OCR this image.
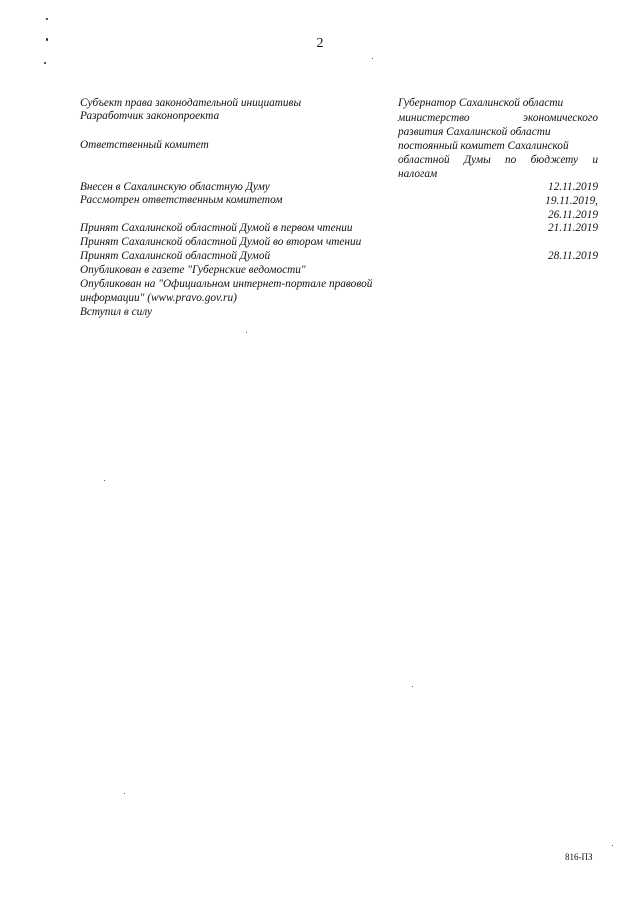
2
Субъект права законодательной инициативы	Губернатор Сахалинской области
Разработчик законопроекта	министерство экономического
развития Сахалинской области
Ответственный комитет	постоянный комитет Сахалинской
областной Думы по бюджету и
налогам
Внесен в Сахалинскую областную Думу	12.11.2019
Рассмотрен ответственным комитетом	19.11.2019,
26.11.2019
Принят Сахалинской областной Думой в первом чтении	21.11.2019
Принят Сахалинской областной Думой во втором чтении
Принят Сахалинской областной Думой	28.11.2019
Опубликован в газете "Губернские ведомости"
Опубликован на "Официальном интернет-портале правовой
информации" (www.pravo.gov.ru)
Вступил в силу
816-ПЗ
